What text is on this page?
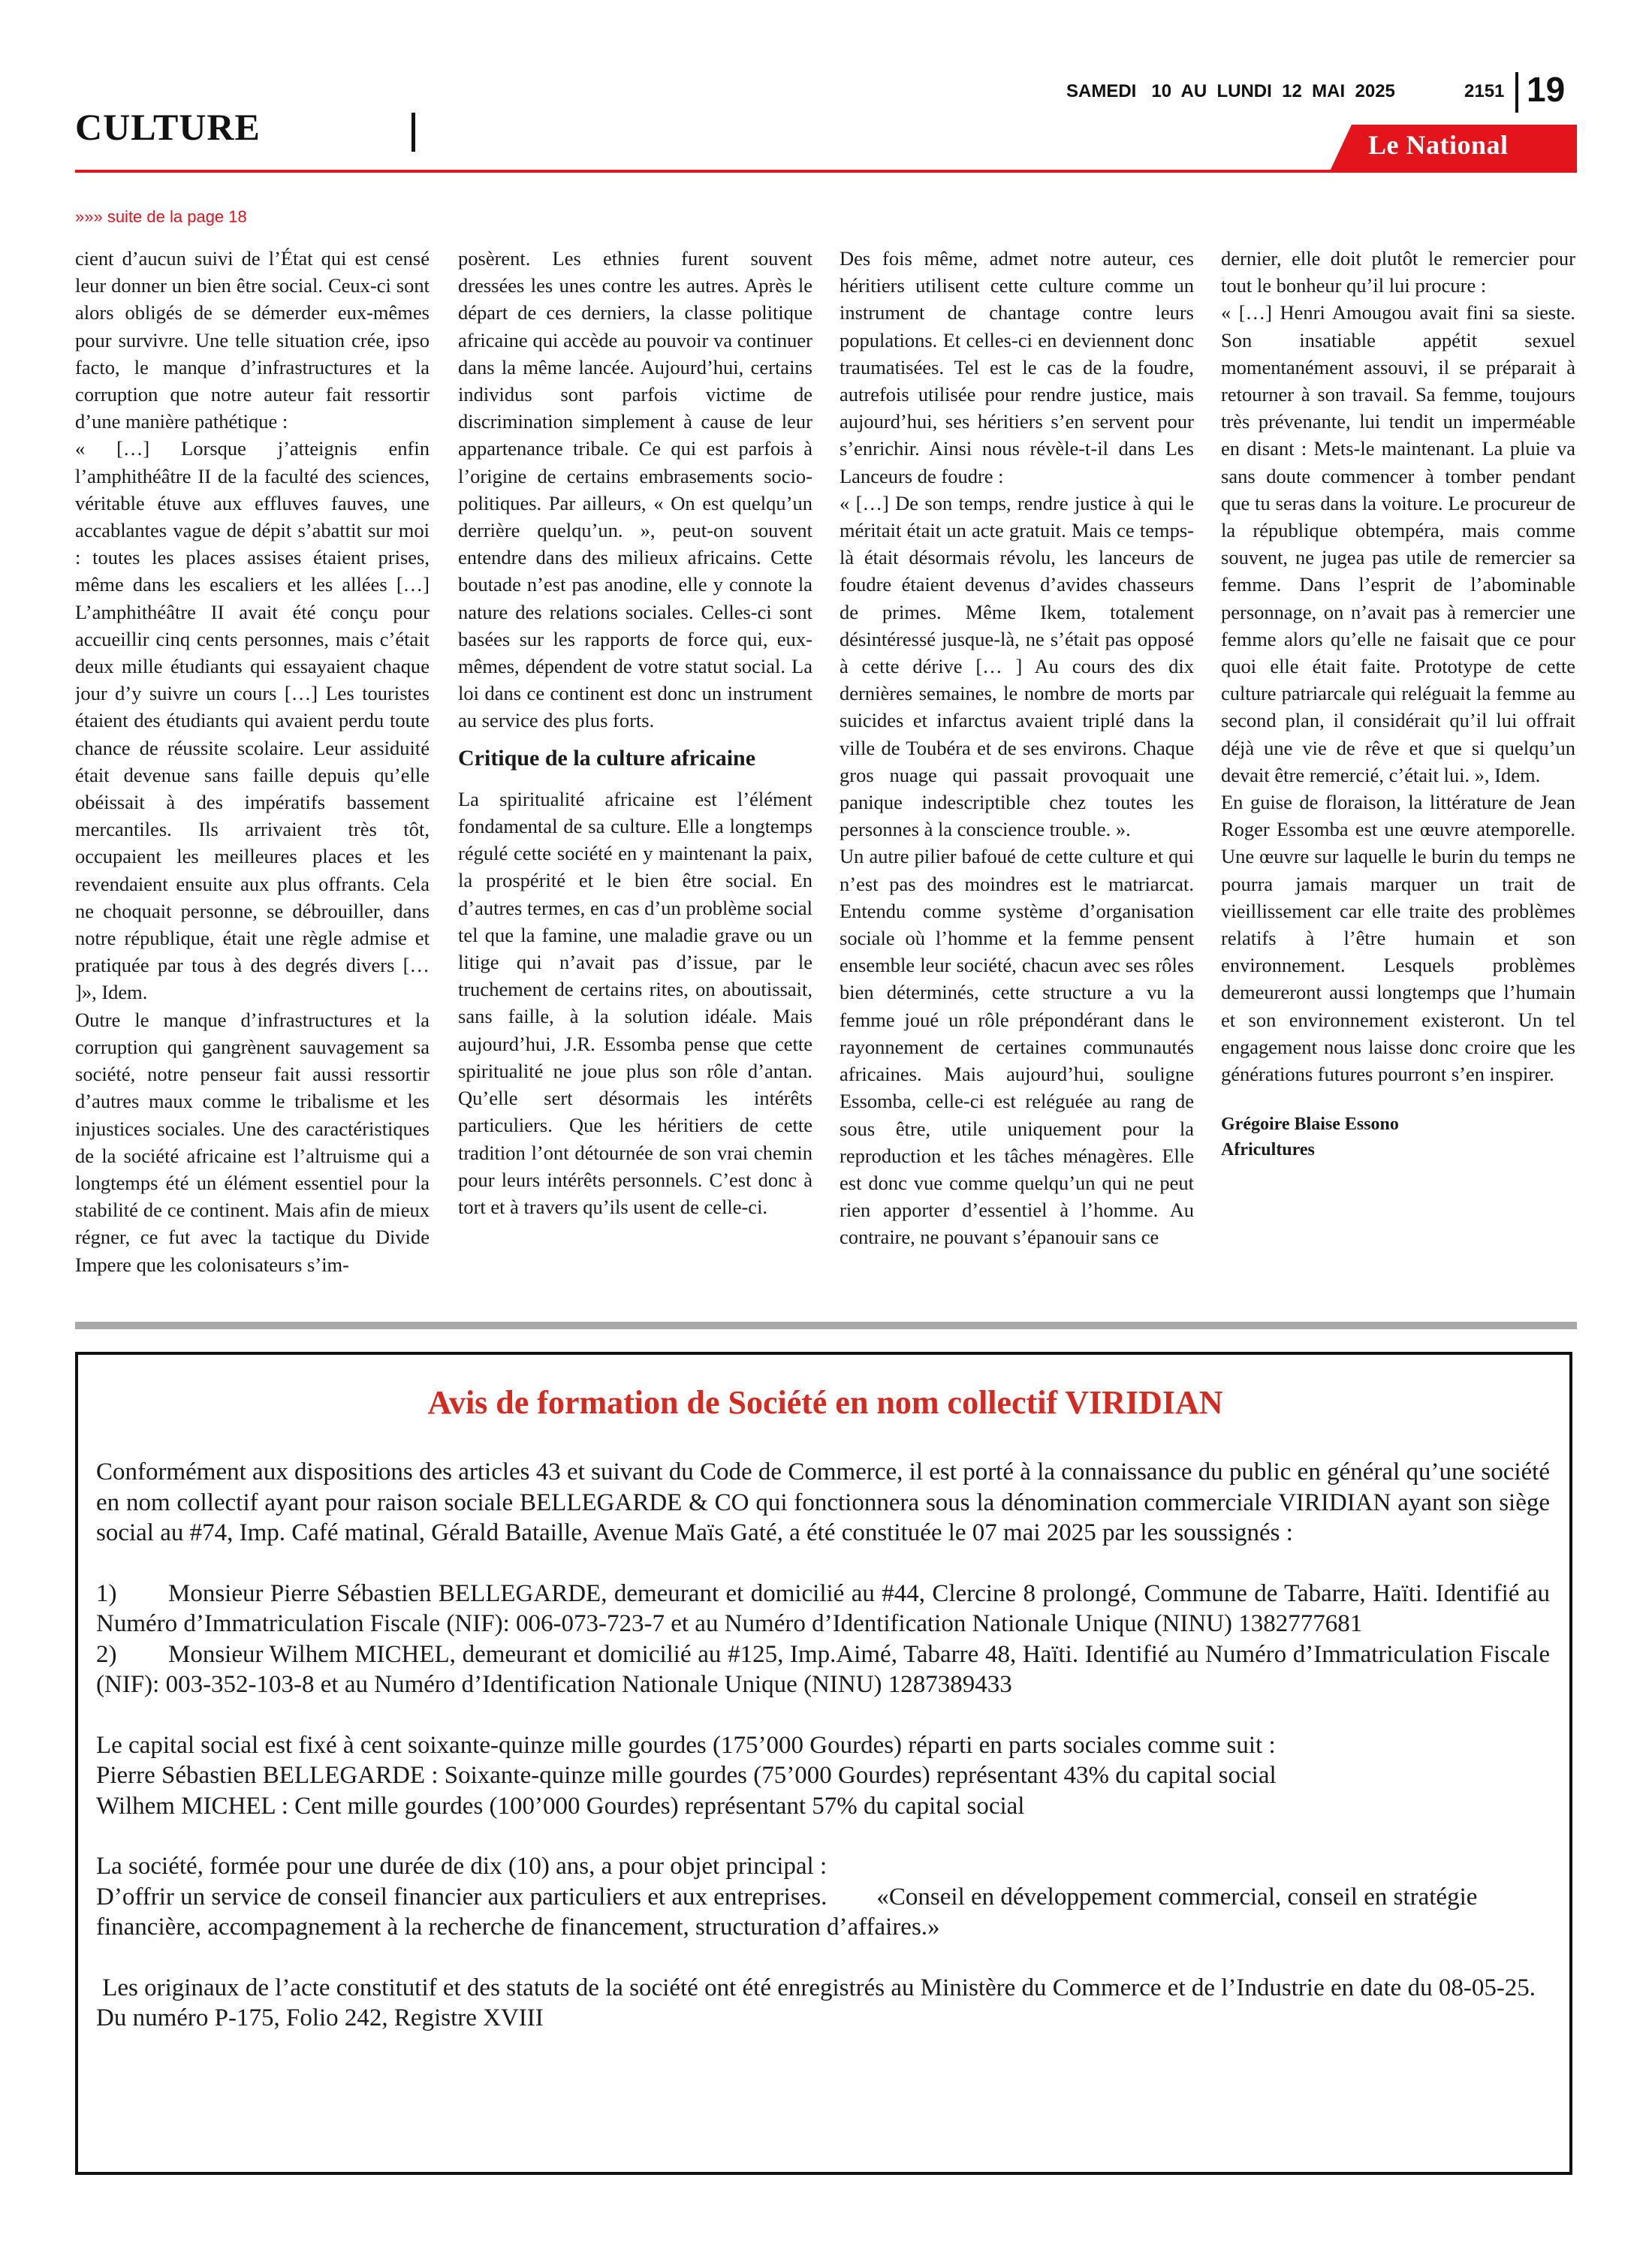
CULTURE
SAMEDI   10  AU  LUNDI  12  MAI  2025	2151 19
Le National
»»» suite de la page 18

cient d’aucun suivi de l’État qui est censé leur donner un bien être social. Ceux-ci sont alors obligés de se démerder eux-mêmes pour survivre. Une telle situation crée, ipso facto, le manque d’infrastructures et la corruption que notre auteur fait ressortir d’une manière pathétique :
« […] Lorsque j’atteignis enfin l’amphithéâtre II de la faculté des sciences, véritable étuve aux effluves fauves, une accablantes vague de dépit s’abattit sur moi : toutes les places assises étaient prises, même dans les escaliers et les allées […] L’amphithéâtre II avait été conçu pour accueillir cinq cents personnes, mais c’était deux mille étudiants qui essayaient chaque jour d’y suivre un cours […] Les touristes étaient des étudiants qui avaient perdu toute chance de réussite scolaire. Leur assiduité était devenue sans faille depuis qu’elle obéissait à des impératifs bassement mercantiles. Ils arrivaient très tôt, occupaient les meilleures places et les revendaient ensuite aux plus offrants. Cela ne choquait personne, se débrouiller, dans notre république, était une règle admise et pratiquée par tous à des degrés divers [… ]», Idem.
Outre le manque d’infrastructures et la corruption qui gangrènent sauvagement sa société, notre penseur fait aussi ressortir d’autres maux comme le tribalisme et les injustices sociales. Une des caractéristiques de la société africaine est l’altruisme qui a longtemps été un élément essentiel pour la stabilité de ce continent. Mais afin de mieux régner, ce fut avec la tactique du Divide Impere que les colonisateurs s’im-

posèrent. Les ethnies furent souvent dressées les unes contre les autres. Après le départ de ces derniers, la classe politique africaine qui accède au pouvoir va continuer dans la même lancée. Aujourd’hui, certains individus sont parfois victime de discrimination simplement à cause de leur appartenance tribale. Ce qui est parfois à l’origine de certains embrasements socio-politiques. Par ailleurs, « On est quelqu’un derrière quelqu’un. », peut-on souvent entendre dans des milieux africains. Cette boutade n’est pas anodine, elle y connote la nature des relations sociales. Celles-ci sont basées sur les rapports de force qui, eux-mêmes, dépendent de votre statut social. La loi dans ce continent est donc un instrument au service des plus forts.

Critique de la culture africaine

La spiritualité africaine est l’élément fondamental de sa culture. Elle a longtemps régulé cette société en y maintenant la paix, la prospérité et le bien être social. En d’autres termes, en cas d’un problème social tel que la famine, une maladie grave ou un litige qui n’avait pas d’issue, par le truchement de certains rites, on aboutissait, sans faille, à la solution idéale. Mais aujourd’hui, J.R. Essomba pense que cette spiritualité ne joue plus son rôle d’antan. Qu’elle sert désormais les intérêts particuliers. Que les héritiers de cette tradition l’ont détournée de son vrai chemin pour leurs intérêts personnels. C’est donc à tort et à travers qu’ils usent de celle-ci.

Des fois même, admet notre auteur, ces héritiers utilisent cette culture comme un instrument de chantage contre leurs populations. Et celles-ci en deviennent donc traumatisées. Tel est le cas de la foudre, autrefois utilisée pour rendre justice, mais aujourd’hui, ses héritiers s’en servent pour s’enrichir. Ainsi nous révèle-t-il dans Les Lanceurs de foudre :
« […] De son temps, rendre justice à qui le méritait était un acte gratuit. Mais ce temps-là était désormais révolu, les lanceurs de foudre étaient devenus d’avides chasseurs de primes. Même Ikem, totalement désintéressé jusque-là, ne s’était pas opposé à cette dérive [… ] Au cours des dix dernières semaines, le nombre de morts par suicides et infarctus avaient triplé dans la ville de Toubéra et de ses environs. Chaque gros nuage qui passait provoquait une panique indescriptible chez toutes les personnes à la conscience trouble. ».
Un autre pilier bafoué de cette culture et qui n’est pas des moindres est le matriarcat. Entendu comme système d’organisation sociale où l’homme et la femme pensent ensemble leur société, chacun avec ses rôles bien déterminés, cette structure a vu la femme joué un rôle prépondérant dans le rayonnement de certaines communautés africaines. Mais aujourd’hui, souligne Essomba, celle-ci est reléguée au rang de sous être, utile uniquement pour la reproduction et les tâches ménagères. Elle est donc vue comme quelqu’un qui ne peut rien apporter d’essentiel à l’homme. Au contraire, ne pouvant s’épanouir sans ce

dernier, elle doit plutôt le remercier pour tout le bonheur qu’il lui procure :
« […] Henri Amougou avait fini sa sieste. Son insatiable appétit sexuel momentanément assouvi, il se préparait à retourner à son travail. Sa femme, toujours très prévenante, lui tendit un imperméable en disant : Mets-le maintenant. La pluie va sans doute commencer à tomber pendant que tu seras dans la voiture. Le procureur de la république obtempéra, mais comme souvent, ne jugea pas utile de remercier sa femme. Dans l’esprit de l’abominable personnage, on n’avait pas à remercier une femme alors qu’elle ne faisait que ce pour quoi elle était faite. Prototype de cette culture patriarcale qui reléguait la femme au second plan, il considérait qu’il lui offrait déjà une vie de rêve et que si quelqu’un devait être remercié, c’était lui. », Idem.
En guise de floraison, la littérature de Jean Roger Essomba est une œuvre atemporelle. Une œuvre sur laquelle le burin du temps ne pourra jamais marquer un trait de vieillissement car elle traite des problèmes relatifs à l’être humain et son environnement. Lesquels problèmes demeureront aussi longtemps que l’humain et son environnement existeront. Un tel engagement nous laisse donc croire que les générations futures pourront s’en inspirer.

Grégoire Blaise Essono

Africultures

Avis de formation de Société en nom collectif VIRIDIAN

Conformément aux dispositions des articles 43 et suivant du Code de Commerce, il est porté à la connaissance du public en général qu’une société en nom collectif ayant pour raison sociale BELLEGARDE & CO qui fonctionnera sous la dénomination commerciale VIRIDIAN ayant son siège social au #74, Imp. Café matinal, Gérald Bataille, Avenue Maïs Gaté, a été constituée le 07 mai 2025 par les soussignés :

1) Monsieur Pierre Sébastien BELLEGARDE, demeurant et domicilié au #44, Clercine 8 prolongé, Commune de Tabarre, Haïti. Identifié au Numéro d’Immatriculation Fiscale (NIF): 006-073-723-7 et au Numéro d’Identification Nationale Unique (NINU) 1382777681

2) Monsieur Wilhem MICHEL, demeurant et domicilié au #125, Imp.Aimé, Tabarre 48, Haïti. Identifié au Numéro d’Immatriculation Fiscale (NIF): 003-352-103-8 et au Numéro d’Identification Nationale Unique (NINU) 1287389433

Le capital social est fixé à cent soixante-quinze mille gourdes (175’000 Gourdes) réparti en parts sociales comme suit :

Pierre Sébastien BELLEGARDE : Soixante-quinze mille gourdes (75’000 Gourdes) représentant 43% du capital social

Wilhem MICHEL : Cent mille gourdes (100’000 Gourdes) représentant 57% du capital social

La société, formée pour une durée de dix (10) ans, a pour objet principal :

D’offrir un service de conseil financier aux particuliers et aux entreprises.        «Conseil en développement commercial, conseil en stratégie financière, accompagnement à la recherche de financement, structuration d’affaires.»

Les originaux de l’acte constitutif et des statuts de la société ont été enregistrés au Ministère du Commerce et de l’Industrie en date du 08-05-25.  Du numéro P-175, Folio 242, Registre XVIII
